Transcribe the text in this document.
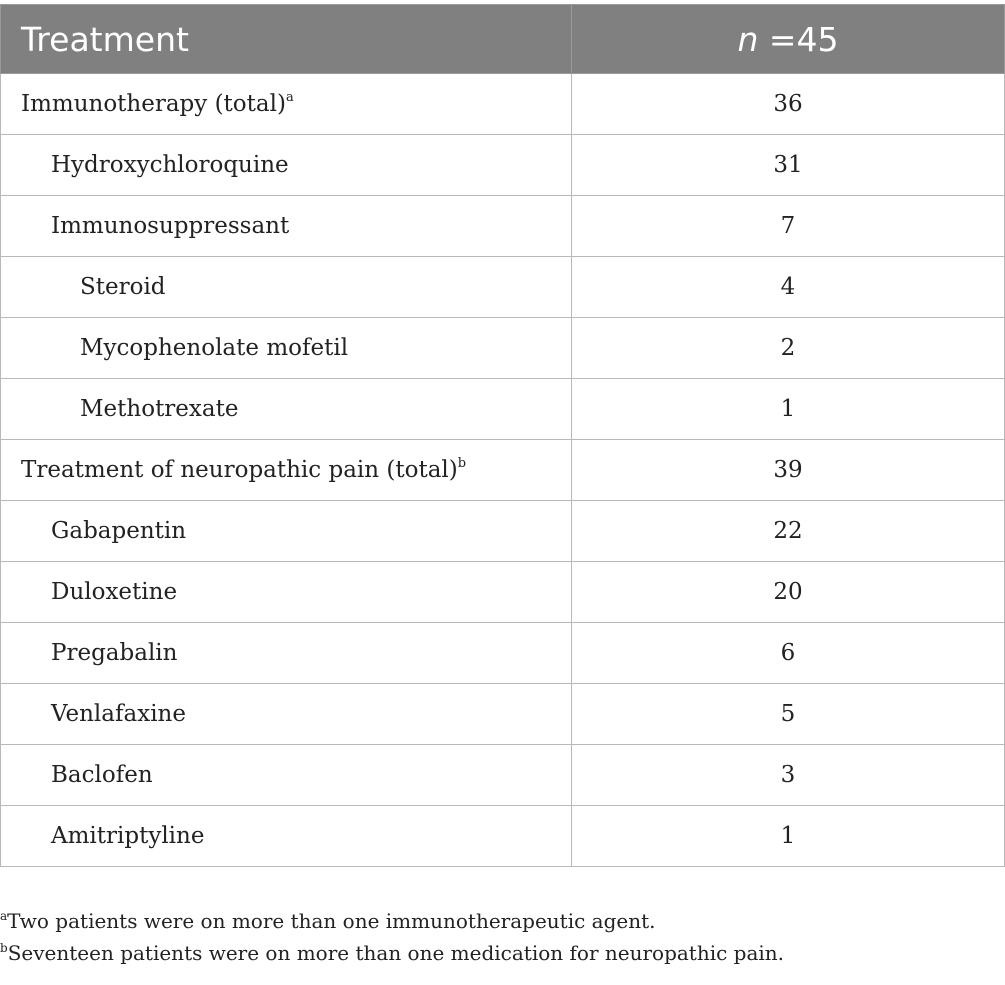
Treatment	n =45
Immunotherapy (total)$^a$	36
Hydroxychloroquine	31
Immunosuppressant	7
Steroid	4
Mycophenolate mofetil	2
Methotrexate	1
Treatment of neuropathic pain (total)$^b$	39
Gabapentin	22
Duloxetine	20
Pregabalin	6
Venlafaxine	5
Baclofen	3
Amitriptyline	1
$^a$Two patients were on more than one immunotherapeutic agent.
$^b$Seventeen patients were on more than one medication for neuropathic pain.
